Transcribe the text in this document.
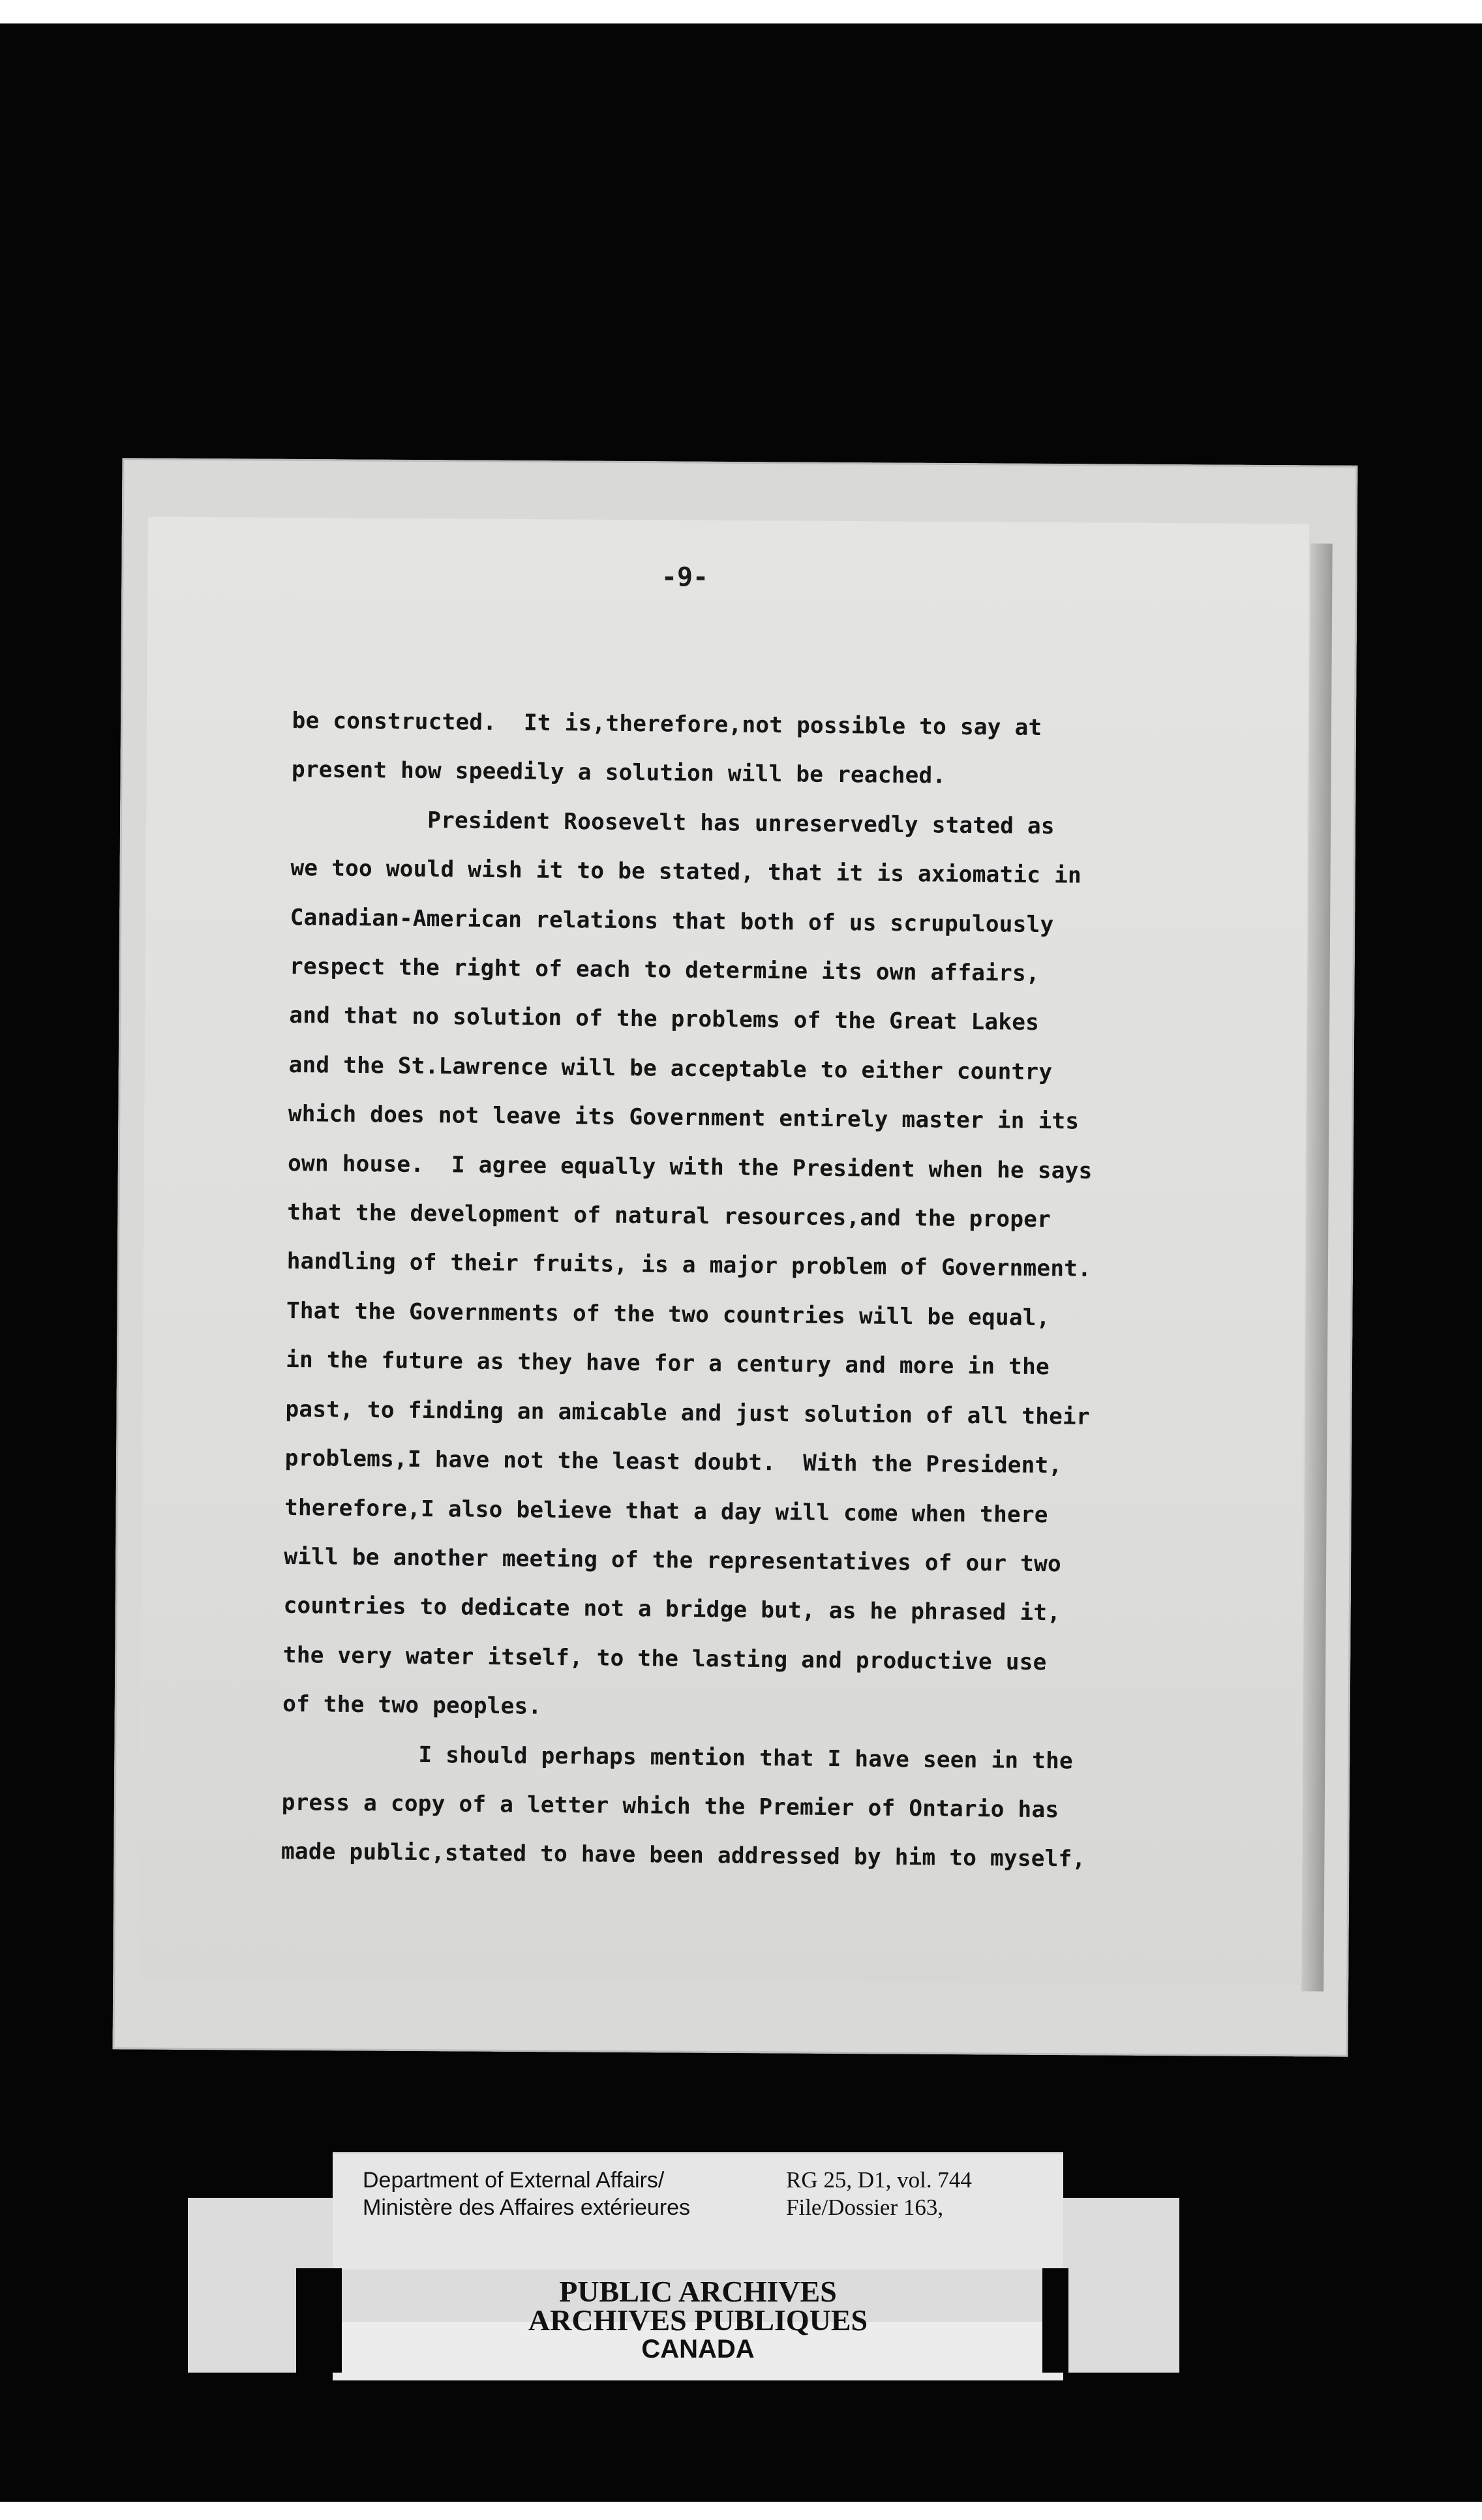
-9-
be constructed.  It is,therefore,not possible to say at
present how speedily a solution will be reached.
President Roosevelt has unreservedly stated as
we too would wish it to be stated, that it is axiomatic in
Canadian-American relations that both of us scrupulously
respect the right of each to determine its own affairs,
and that no solution of the problems of the Great Lakes
and the St.Lawrence will be acceptable to either country
which does not leave its Government entirely master in its
own house.  I agree equally with the President when he says
that the development of natural resources,and the proper
handling of their fruits, is a major problem of Government.
That the Governments of the two countries will be equal,
in the future as they have for a century and more in the
past, to finding an amicable and just solution of all their
problems,I have not the least doubt.  With the President,
therefore,I also believe that a day will come when there
will be another meeting of the representatives of our two
countries to dedicate not a bridge but, as he phrased it,
the very water itself, to the lasting and productive use
of the two peoples.
I should perhaps mention that I have seen in the
press a copy of a letter which the Premier of Ontario has
made public,stated to have been addressed by him to myself,
Department of External Affairs/
Ministère des Affaires extérieures
RG 25, D1, vol. 744
File/Dossier 163,
PUBLIC ARCHIVES
ARCHIVES PUBLIQUES
CANADA
